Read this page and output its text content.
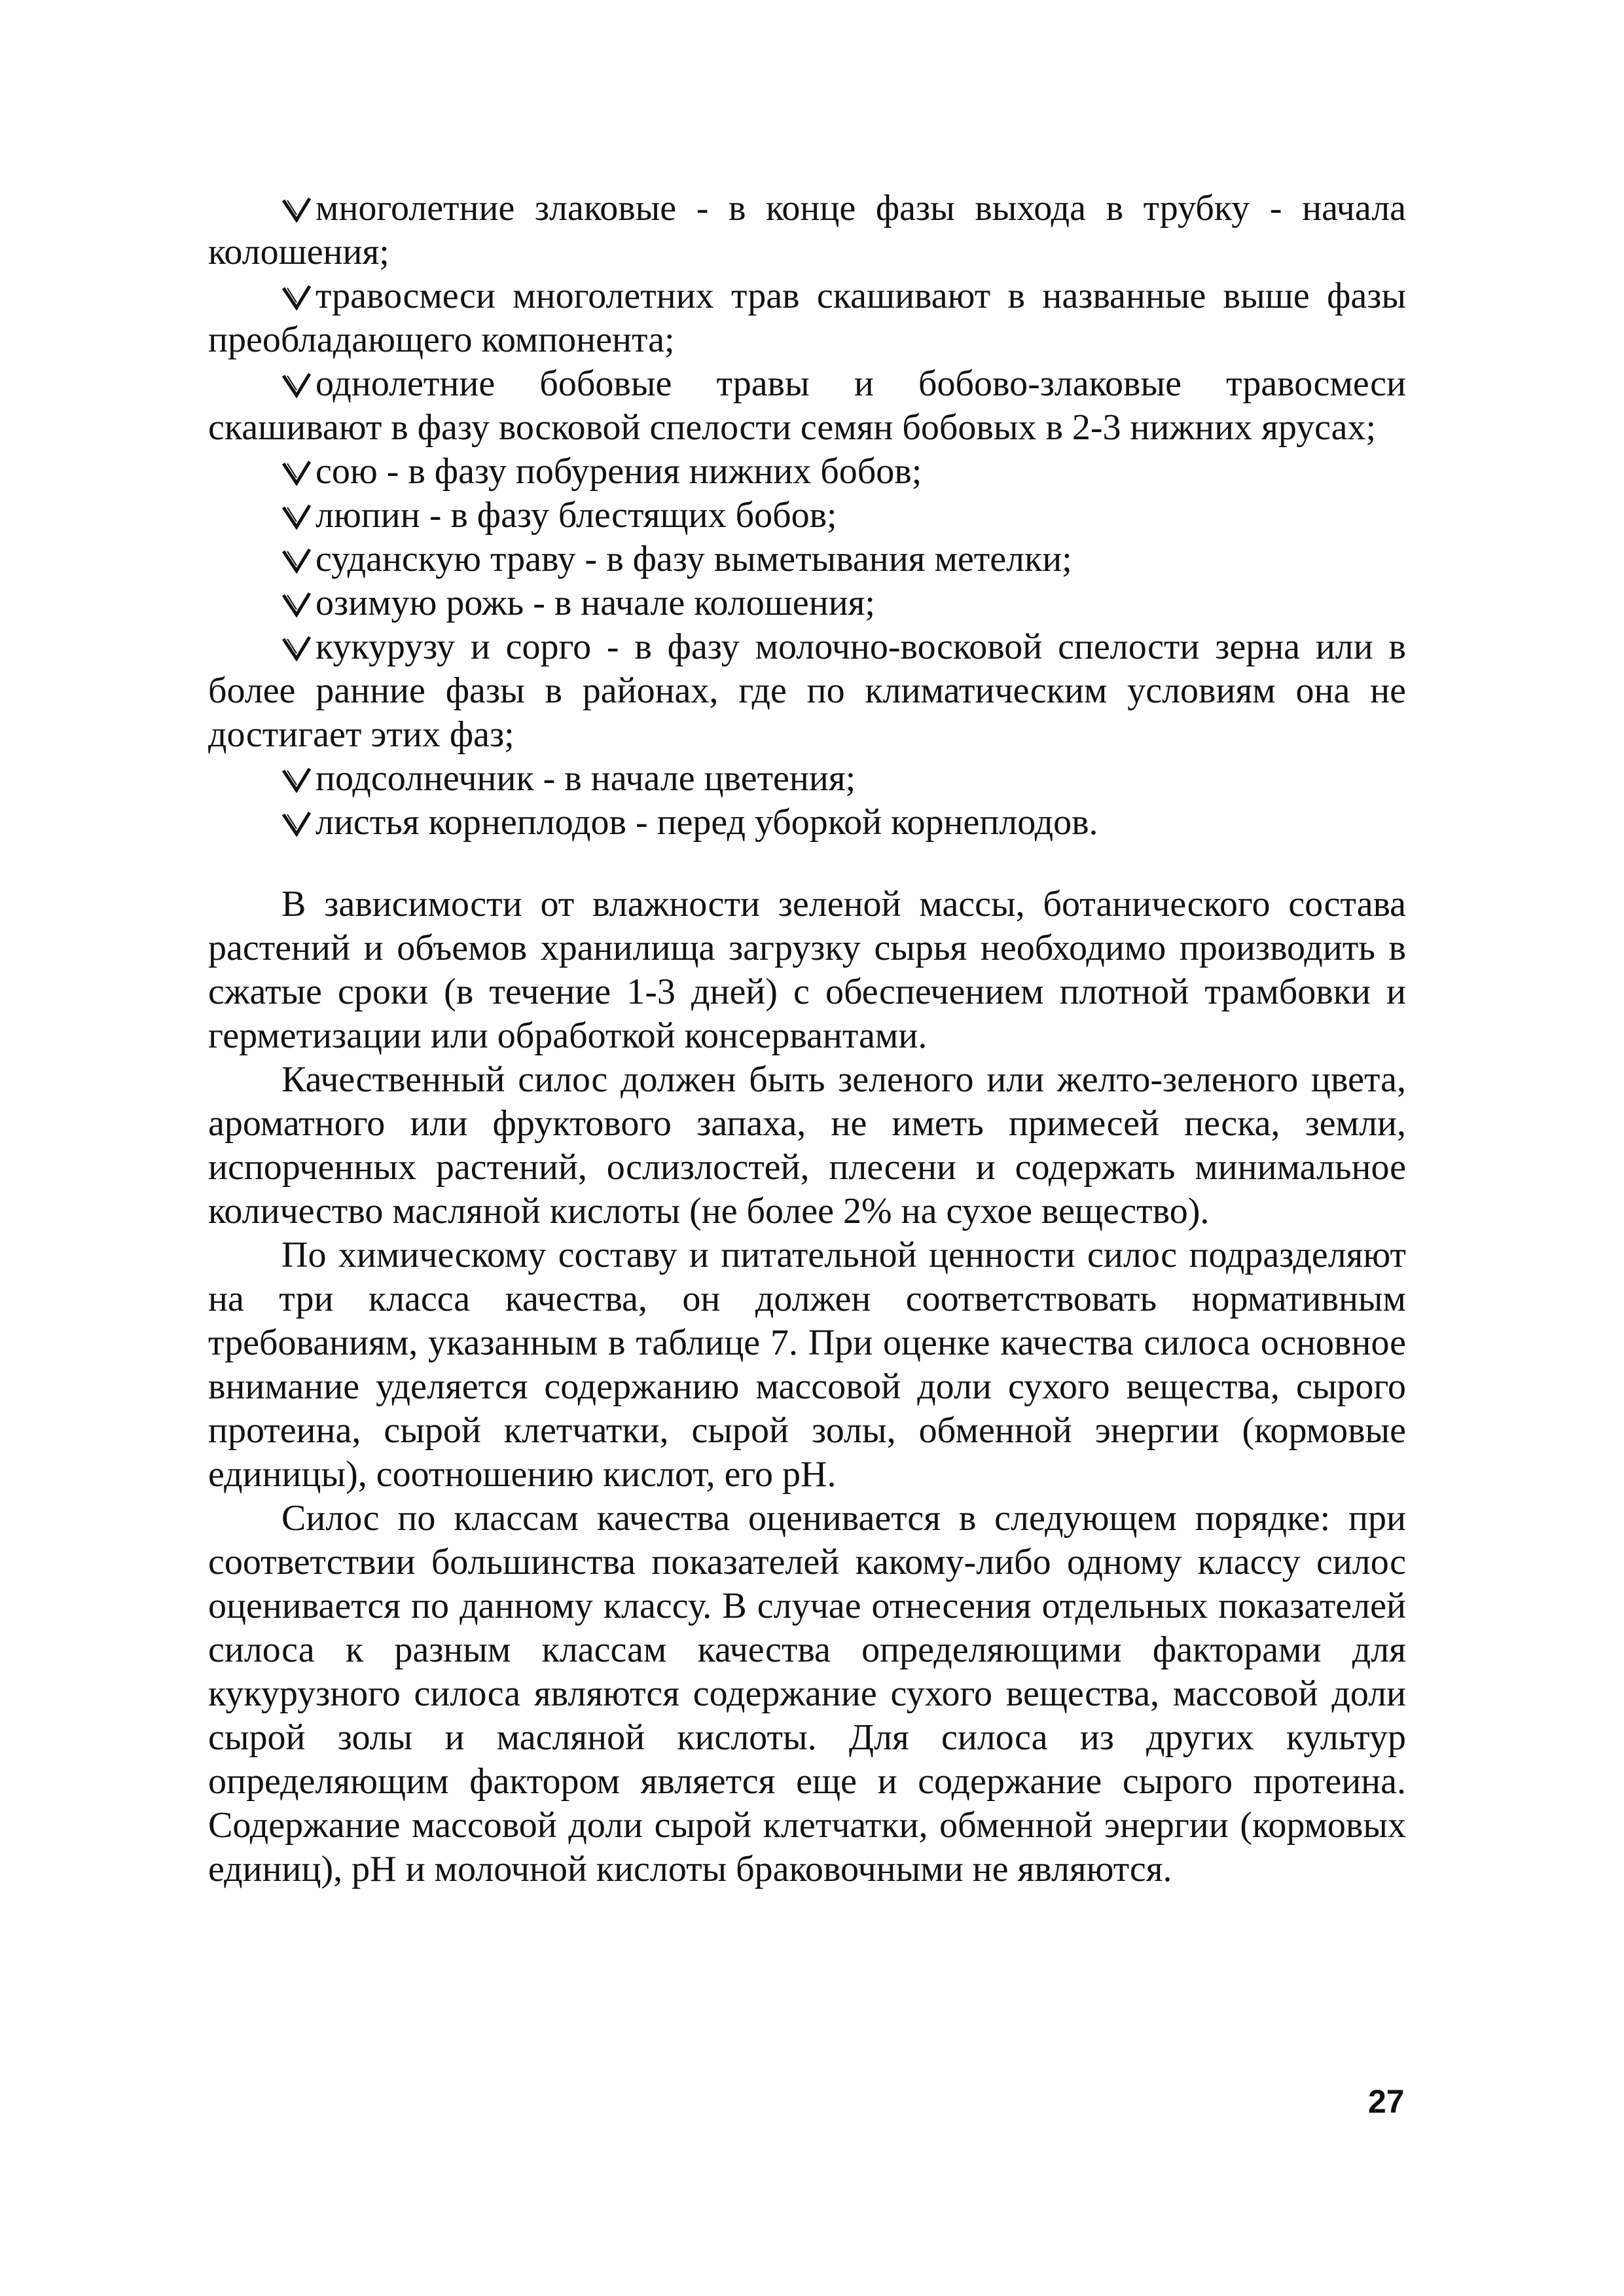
многолетние злаковые - в конце фазы выхода в трубку - начала колошения;

травосмеси многолетних трав скашивают в названные выше фазы преобладающего компонента;

однолетние бобовые травы и бобово-злаковые травосмеси скашивают в фазу восковой спелости семян бобовых в 2-3 нижних ярусах;

сою - в фазу побурения нижних бобов;

люпин - в фазу блестящих бобов;

суданскую траву - в фазу выметывания метелки;

озимую рожь - в начале колошения;

кукурузу и сорго - в фазу молочно-восковой спелости зерна или в более ранние фазы в районах, где по климатическим условиям она не достигает этих фаз;

подсолнечник - в начале цветения;

листья корнеплодов - перед уборкой корнеплодов.

В зависимости от влажности зеленой массы, ботанического состава растений и объемов хранилища загрузку сырья необходимо производить в сжатые сроки (в течение 1-3 дней) с обеспечением плотной трамбовки и герметизации или обработкой консервантами.

Качественный силос должен быть зеленого или желто-зеленого цвета, ароматного или фруктового запаха, не иметь примесей песка, земли, испорченных растений, ослизлостей, плесени и содержать минимальное количество масляной кислоты (не более 2% на сухое вещество).

По химическому составу и питательной ценности силос подразделяют на три класса качества, он должен соответствовать нормативным требованиям, указанным в таблице 7. При оценке качества силоса основное внимание уделяется содержанию массовой доли сухого вещества, сырого протеина, сырой клетчатки, сырой золы, обменной энергии (кормовые единицы), соотношению кислот, его pH.

Силос по классам качества оценивается в следующем порядке: при соответствии большинства показателей какому-либо одному классу силос оценивается по данному классу. В случае отнесения отдельных показателей силоса к разным классам качества определяющими факторами для кукурузного силоса являются содержание сухого вещества, массовой доли сырой золы и масляной кислоты. Для силоса из других культур определяющим фактором является еще и содержание сырого протеина. Содержание массовой доли сырой клетчатки, обменной энергии (кормовых единиц), pH и молочной кислоты браковочными не являются.

27
